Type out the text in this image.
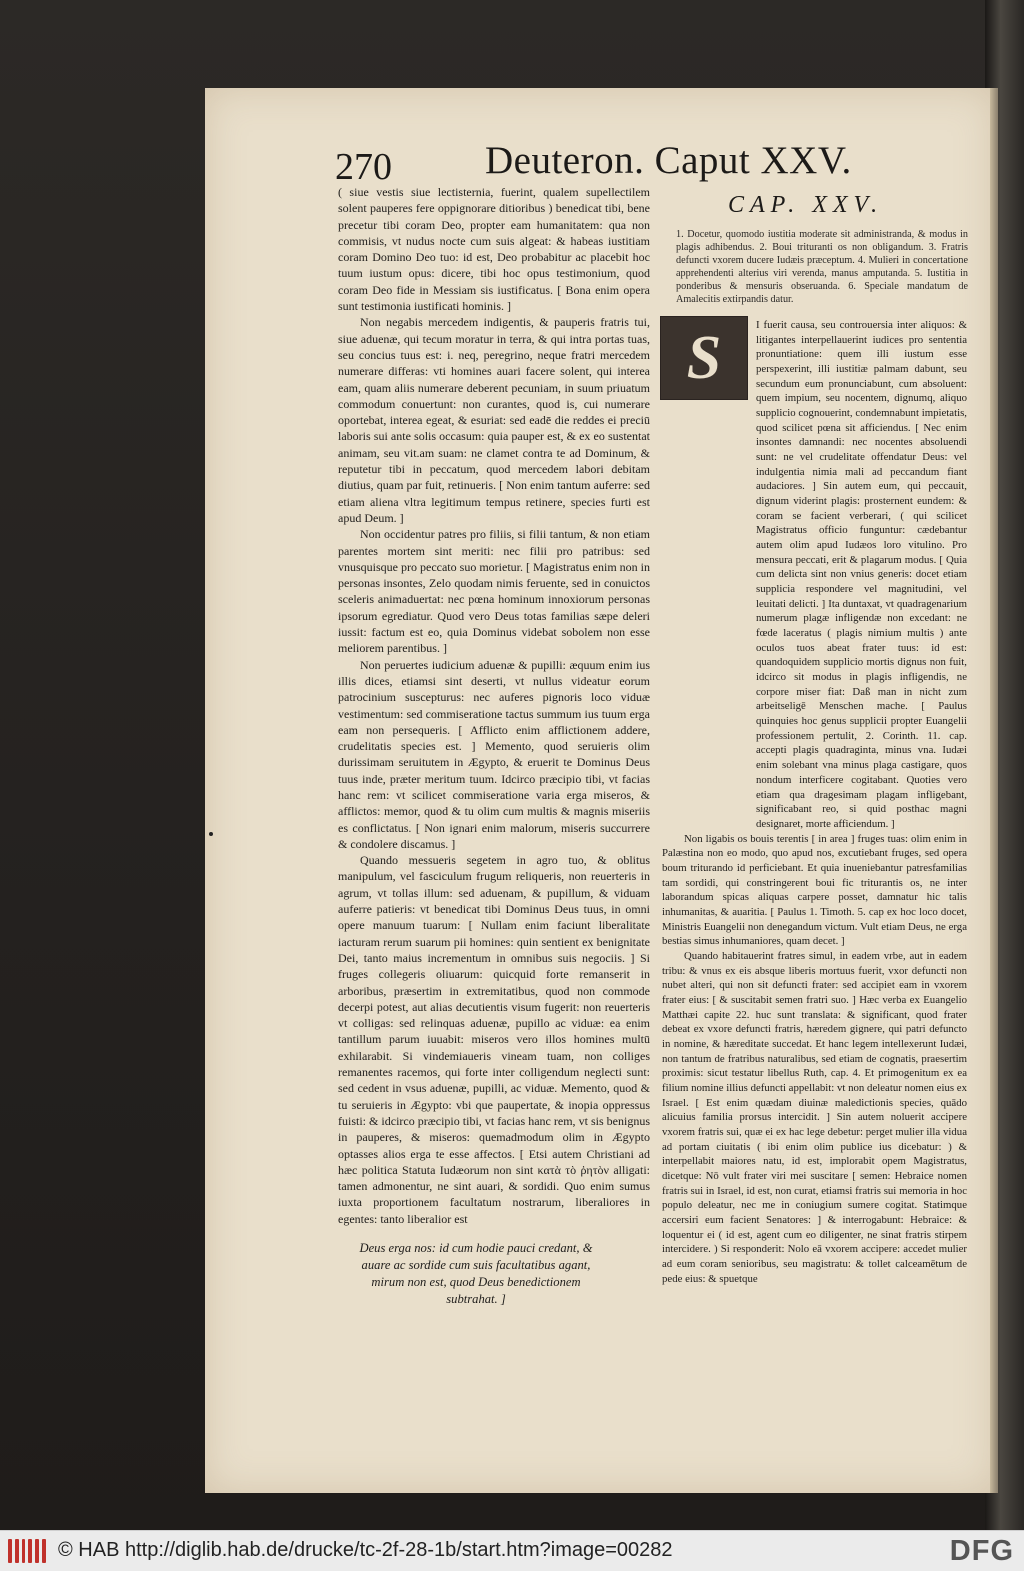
270 Deuteron. Caput XXV.

( siue vestis siue lectisternia, fuerint, qualem supellectilem solent pauperes fere oppignorare ditioribus ) benedicat tibi, bene precetur tibi coram Deo, propter eam humanitatem: qua non commisis, vt nudus nocte cum suis algeat: & habeas iustitiam coram Domino Deo tuo: id est, Deo probabitur ac placebit hoc tuum iustum opus: dicere, tibi hoc opus testimonium, quod coram Deo fide in Messiam sis iustificatus. [ Bona enim opera sunt testimonia iustificati hominis. ]

Non negabis mercedem indigentis, & pauperis fratris tui, siue aduenæ, qui tecum moratur in terra, & qui intra portas tuas, seu concius tuus est: i. neq, peregrino, neque fratri mercedem numerare differas: vti homines auari facere solent, qui interea eam, quam aliis numerare deberent pecuniam, in suum priuatum commodum conuertunt: non curantes, quod is, cui numerare oportebat, interea egeat, & esuriat: sed eadē die reddes ei preciū laboris sui ante solis occasum: quia pauper est, & ex eo sustentat animam, seu vit.am suam: ne clamet contra te ad Dominum, & reputetur tibi in peccatum, quod mercedem labori debitam diutius, quam par fuit, retinueris. [ Non enim tantum auferre: sed etiam aliena vltra legitimum tempus retinere, species furti est apud Deum. ]

Non occidentur patres pro filiis, si filii tantum, & non etiam parentes mortem sint meriti: nec filii pro patribus: sed vnusquisque pro peccato suo morietur. [ Magistratus enim non in personas insontes, Zelo quodam nimis feruente, sed in conuictos sceleris animaduertat: nec pœna hominum innoxiorum personas ipsorum egrediatur. Quod vero Deus totas familias sæpe deleri iussit: factum est eo, quia Dominus videbat sobolem non esse meliorem parentibus. ]

Non peruertes iudicium aduenæ & pupilli: æquum enim ius illis dices, etiamsi sint deserti, vt nullus videatur eorum patrocinium suscepturus: nec auferes pignoris loco viduæ vestimentum: sed commiseratione tactus summum ius tuum erga eam non persequeris. [ Afflicto enim afflictionem addere, crudelitatis species est. ] Memento, quod seruieris olim durissimam seruitutem in Ægypto, & eruerit te Dominus Deus tuus inde, præter meritum tuum. Idcirco præcipio tibi, vt facias hanc rem: vt scilicet commiseratione varia erga miseros, & afflictos: memor, quod & tu olim cum multis & magnis miseriis es conflictatus. [ Non ignari enim malorum, miseris succurrere & condolere discamus. ]

Quando messueris segetem in agro tuo, & oblitus manipulum, vel fasciculum frugum reliqueris, non reuerteris in agrum, vt tollas illum: sed aduenam, & pupillum, & viduam auferre patieris: vt benedicat tibi Dominus Deus tuus, in omni opere manuum tuarum: [ Nullam enim faciunt liberalitate iacturam rerum suarum pii homines: quin sentient ex benignitate Dei, tanto maius incrementum in omnibus suis negociis. ] Si fruges collegeris oliuarum: quicquid forte remanserit in arboribus, præsertim in extremitatibus, quod non commode decerpi potest, aut alias decutientis visum fugerit: non reuerteris vt colligas: sed relinquas aduenæ, pupillo ac viduæ: ea enim tantillum parum iuuabit: miseros vero illos homines multū exhilarabit. Si vindemiaueris vineam tuam, non colliges remanentes racemos, qui forte inter colligendum neglecti sunt: sed cedent in vsus aduenæ, pupilli, ac viduæ. Memento, quod & tu seruieris in Ægypto: vbi que paupertate, & inopia oppressus fuisti: & idcirco præcipio tibi, vt facias hanc rem, vt sis benignus in pauperes, & miseros: quemadmodum olim in Ægypto optasses alios erga te esse affectos. [ Etsi autem Christiani ad hæc politica Statuta Iudæorum non sint κατὰ τὸ ῥητὸν alligati: tamen admonentur, ne sint auari, & sordidi. Quo enim sumus iuxta proportionem facultatum nostrarum, liberaliores in egentes: tanto liberalior est

Deus erga nos: id cum hodie pauci credant, & auare ac sordide cum suis facultatibus agant, mirum non est, quod Deus benedictionem subtrahat. ]
CAP. XXV.
1. Docetur, quomodo iustitia moderate sit administranda, & modus in plagis adhibendus. 2. Boui trituranti os non obligandum. 3. Fratris defuncti vxorem ducere Iudæis præceptum. 4. Mulieri in concertatione apprehendenti alterius viri verenda, manus amputanda. 5. Iustitia in ponderibus & mensuris obseruanda. 6. Speciale mandatum de Amalecitis extirpandis datur.
S	I fuerit causa, seu controuersia inter aliquos: & litigantes interpellauerint iudices pro sententia pronuntiatione: quem illi iustum esse perspexerint, illi iustitiæ palmam dabunt, seu secundum eum pronunciabunt, cum absoluent: quem impium, seu nocentem, dignumq, aliquo supplicio cognouerint, condemnabunt impietatis, quod scilicet pœna sit afficiendus. [ Nec enim insontes damnandi: nec nocentes absoluendi sunt: ne vel crudelitate offendatur Deus: vel indulgentia nimia mali ad peccandum fiant audaciores. ] Sin autem eum, qui peccauit, dignum viderint plagis: prosternent eundem: & coram se facient verberari, ( qui scilicet Magistratus officio funguntur: cædebantur autem olim apud Iudæos loro vitulino. Pro mensura peccati, erit & plagarum modus. [ Quia cum delicta sint non vnius generis: docet etiam supplicia respondere vel magnitudini, vel leuitati delicti. ] Ita duntaxat, vt quadragenarium numerum plagæ infligendæ non excedant: ne fœde laceratus ( plagis nimium multis ) ante oculos tuos abeat frater tuus: id est: quandoquidem supplicio mortis dignus non fuit, idcirco sit modus in plagis infligendis, ne corpore miser fiat: Daß man in nicht zum arbeitseligē Menschen mache. [ Paulus quinquies hoc genus supplicii propter Euangelii professionem pertulit, 2. Corinth. 11. cap. accepti plagis quadraginta, minus vna. Iudæi enim solebant vna minus plaga castigare, quos nondum interficere cogitabant. Quoties vero etiam qua dragesimam plagam infligebant, significabant reo, si quid posthac magni designaret, morte afficiendum. ]

Non ligabis os bouis terentis [ in area ] fruges tuas: olim enim in Palæstina non eo modo, quo apud nos, excutiebant fruges, sed opera boum triturando id perficiebant. Et quia inueniebantur patresfamilias tam sordidi, qui constringerent boui fic triturantis os, ne inter laborandum spicas aliquas carpere posset, damnatur hic talis inhumanitas, & auaritia. [ Paulus 1. Timoth. 5. cap ex hoc loco docet, Ministris Euangelii non denegandum victum. Vult etiam Deus, ne erga bestias simus inhumaniores, quam decet. ]

Quando habitauerint fratres simul, in eadem vrbe, aut in eadem tribu: & vnus ex eis absque liberis mortuus fuerit, vxor defuncti non nubet alteri, qui non sit defuncti frater: sed accipiet eam in vxorem frater eius: [ & suscitabit semen fratri suo. ] Hæc verba ex Euangelio Matthæi capite 22. huc sunt translata: & significant, quod frater debeat ex vxore defuncti fratris, hæredem gignere, qui patri defuncto in nomine, & hæreditate succedat. Et hanc legem intellexerunt Iudæi, non tantum de fratribus naturalibus, sed etiam de cognatis, praesertim proximis: sicut testatur libellus Ruth, cap. 4. Et primogenitum ex ea filium nomine illius defuncti appellabit: vt non deleatur nomen eius ex Israel. [ Est enim quædam diuinæ maledictionis species, quādo alicuius familia prorsus intercidit. ] Sin autem noluerit accipere vxorem fratris sui, quæ ei ex hac lege debetur: perget mulier illa vidua ad portam ciuitatis ( ibi enim olim publice ius dicebatur: ) & interpellabit maiores natu, id est, implorabit opem Magistratus, dicetque: Nō vult frater viri mei suscitare [ semen: Hebraice nomen fratris sui in Israel, id est, non curat, etiamsi fratris sui memoria in hoc populo deleatur, nec me in coniugium sumere cogitat. Statimque accersiri eum facient Senatores: ] & interrogabunt: Hebraice: & loquentur ei ( id est, agent cum eo diligenter, ne sinat fratris stirpem intercidere. ) Si responderit: Nolo eā vxorem accipere: accedet mulier ad eum coram senioribus, seu magistratu: & tollet calceamētum de pede eius: & spuetque

© HAB http://diglib.hab.de/drucke/tc-2f-28-1b/start.htm?image=00282	DFG
